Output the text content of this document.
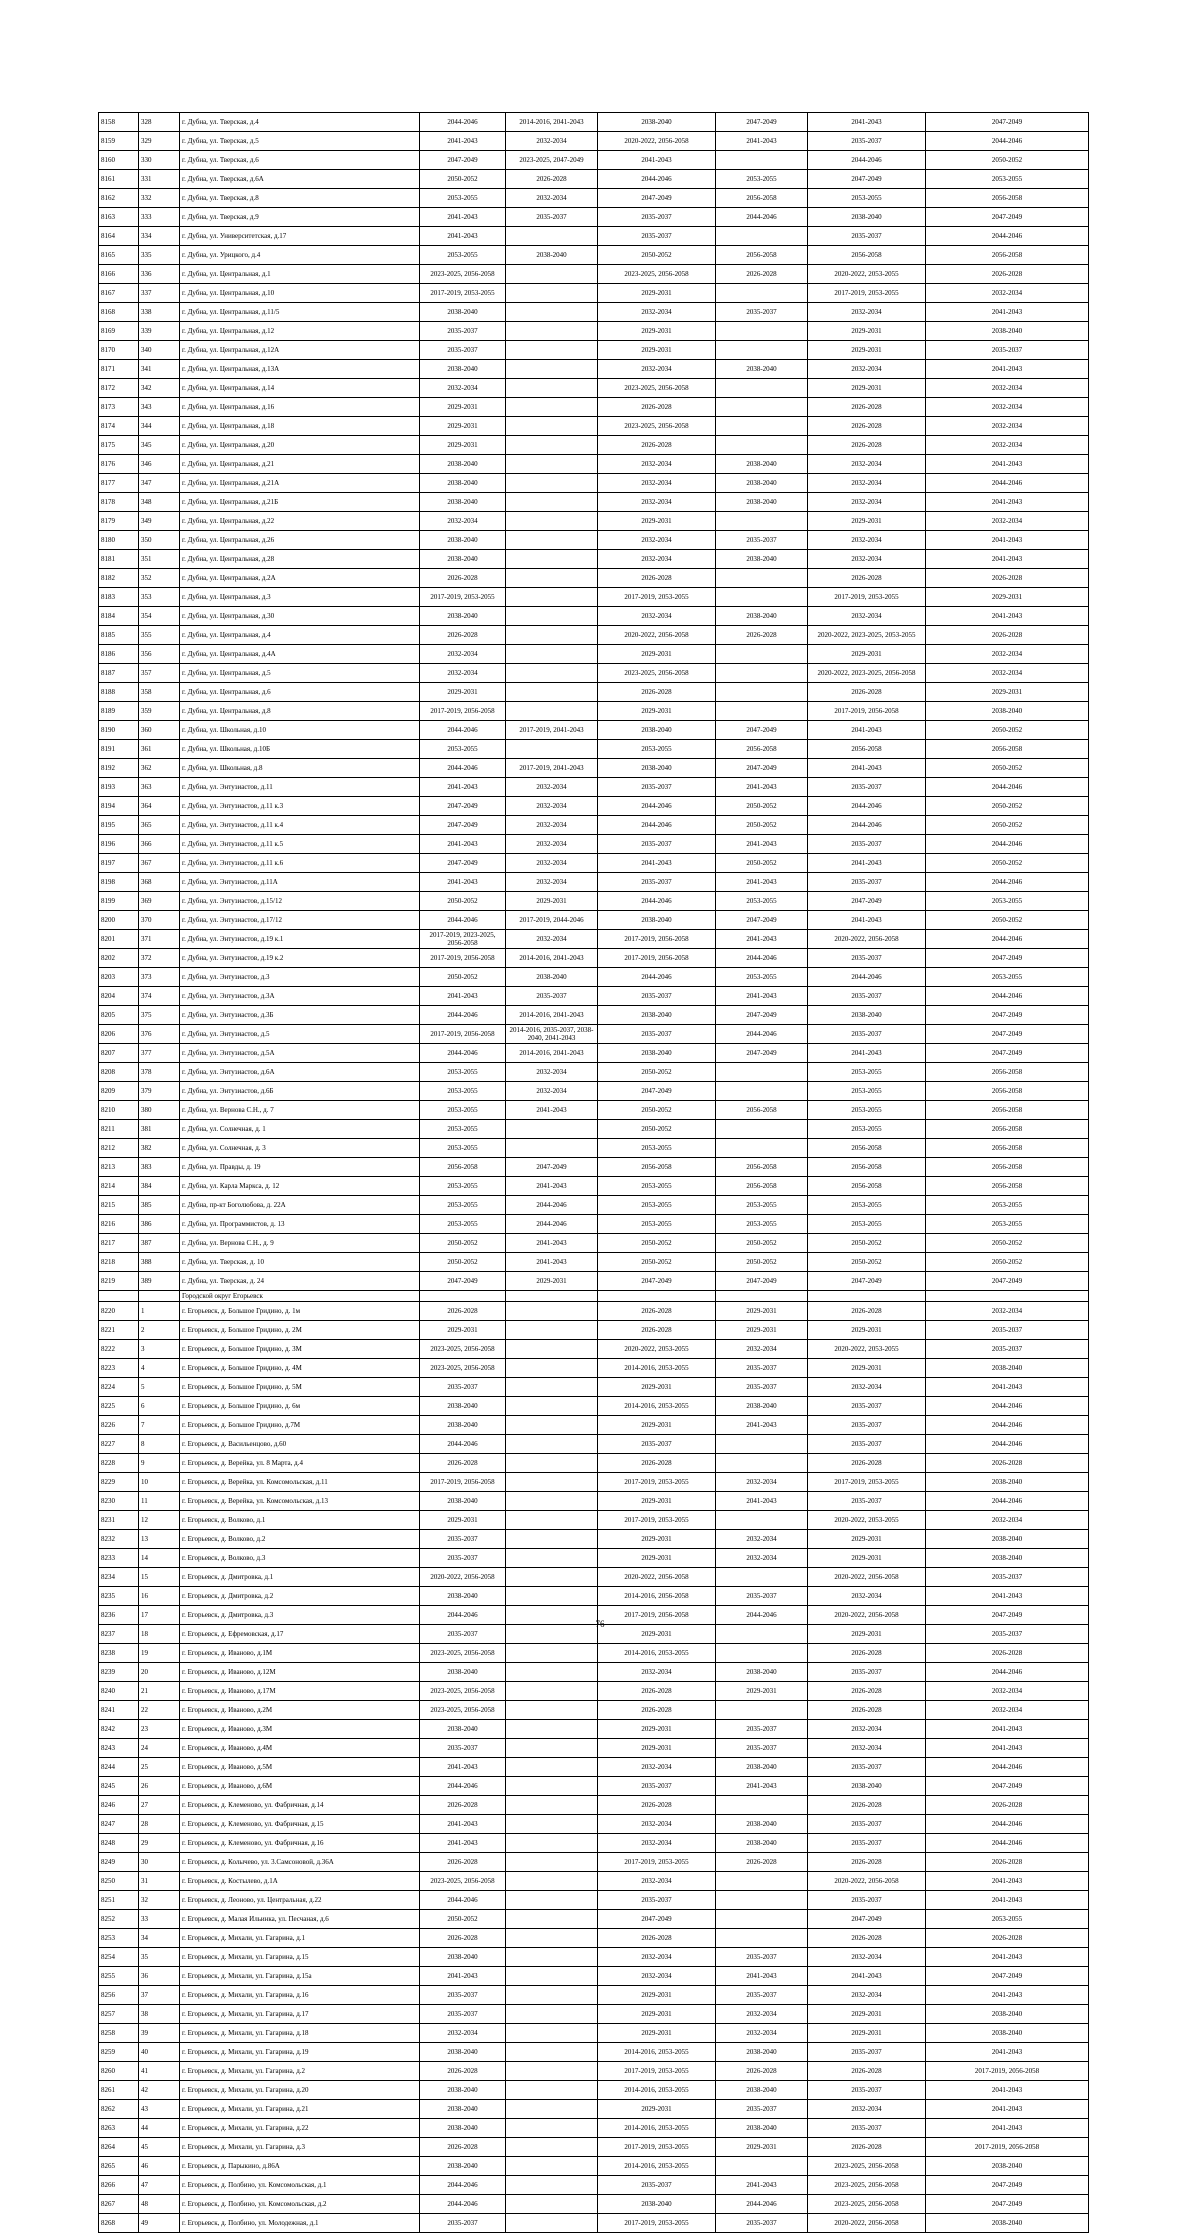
8158	328	г. Дубна, ул. Тверская, д.4	2044-2046	2014-2016, 2041-2043	2038-2040	2047-2049	2041-2043	2047-2049
8159	329	г. Дубна, ул. Тверская, д.5	2041-2043	2032-2034	2020-2022, 2056-2058	2041-2043	2035-2037	2044-2046
8160	330	г. Дубна, ул. Тверская, д.6	2047-2049	2023-2025, 2047-2049	2041-2043		2044-2046	2050-2052
8161	331	г. Дубна, ул. Тверская, д.6А	2050-2052	2026-2028	2044-2046	2053-2055	2047-2049	2053-2055
8162	332	г. Дубна, ул. Тверская, д.8	2053-2055	2032-2034	2047-2049	2056-2058	2053-2055	2056-2058
8163	333	г. Дубна, ул. Тверская, д.9	2041-2043	2035-2037	2035-2037	2044-2046	2038-2040	2047-2049
8164	334	г. Дубна, ул. Университетская, д.17	2041-2043		2035-2037		2035-2037	2044-2046
8165	335	г. Дубна, ул. Урицкого, д.4	2053-2055	2038-2040	2050-2052	2056-2058	2056-2058	2056-2058
8166	336	г. Дубна, ул. Центральная, д.1	2023-2025, 2056-2058		2023-2025, 2056-2058	2026-2028	2020-2022, 2053-2055	2026-2028
8167	337	г. Дубна, ул. Центральная, д.10	2017-2019, 2053-2055		2029-2031		2017-2019, 2053-2055	2032-2034
8168	338	г. Дубна, ул. Центральная, д.11/5	2038-2040		2032-2034	2035-2037	2032-2034	2041-2043
8169	339	г. Дубна, ул. Центральная, д.12	2035-2037		2029-2031		2029-2031	2038-2040
8170	340	г. Дубна, ул. Центральная, д.12А	2035-2037		2029-2031		2029-2031	2035-2037
8171	341	г. Дубна, ул. Центральная, д.13А	2038-2040		2032-2034	2038-2040	2032-2034	2041-2043
8172	342	г. Дубна, ул. Центральная, д.14	2032-2034		2023-2025, 2056-2058		2029-2031	2032-2034
8173	343	г. Дубна, ул. Центральная, д.16	2029-2031		2026-2028		2026-2028	2032-2034
8174	344	г. Дубна, ул. Центральная, д.18	2029-2031		2023-2025, 2056-2058		2026-2028	2032-2034
8175	345	г. Дубна, ул. Центральная, д.20	2029-2031		2026-2028		2026-2028	2032-2034
8176	346	г. Дубна, ул. Центральная, д.21	2038-2040		2032-2034	2038-2040	2032-2034	2041-2043
8177	347	г. Дубна, ул. Центральная, д.21А	2038-2040		2032-2034	2038-2040	2032-2034	2044-2046
8178	348	г. Дубна, ул. Центральная, д.21Б	2038-2040		2032-2034	2038-2040	2032-2034	2041-2043
8179	349	г. Дубна, ул. Центральная, д.22	2032-2034		2029-2031		2029-2031	2032-2034
8180	350	г. Дубна, ул. Центральная, д.26	2038-2040		2032-2034	2035-2037	2032-2034	2041-2043
8181	351	г. Дубна, ул. Центральная, д.28	2038-2040		2032-2034	2038-2040	2032-2034	2041-2043
8182	352	г. Дубна, ул. Центральная, д.2А	2026-2028		2026-2028		2026-2028	2026-2028
8183	353	г. Дубна, ул. Центральная, д.3	2017-2019, 2053-2055		2017-2019, 2053-2055		2017-2019, 2053-2055	2029-2031
8184	354	г. Дубна, ул. Центральная, д.30	2038-2040		2032-2034	2038-2040	2032-2034	2041-2043
8185	355	г. Дубна, ул. Центральная, д.4	2026-2028		2020-2022, 2056-2058	2026-2028	2020-2022, 2023-2025, 2053-2055	2026-2028
8186	356	г. Дубна, ул. Центральная, д.4А	2032-2034		2029-2031		2029-2031	2032-2034
8187	357	г. Дубна, ул. Центральная, д.5	2032-2034		2023-2025, 2056-2058		2020-2022, 2023-2025, 2056-2058	2032-2034
8188	358	г. Дубна, ул. Центральная, д.6	2029-2031		2026-2028		2026-2028	2029-2031
8189	359	г. Дубна, ул. Центральная, д.8	2017-2019, 2056-2058		2029-2031		2017-2019, 2056-2058	2038-2040
8190	360	г. Дубна, ул. Школьная, д.10	2044-2046	2017-2019, 2041-2043	2038-2040	2047-2049	2041-2043	2050-2052
8191	361	г. Дубна, ул. Школьная, д.10Б	2053-2055		2053-2055	2056-2058	2056-2058	2056-2058
8192	362	г. Дубна, ул. Школьная, д.8	2044-2046	2017-2019, 2041-2043	2038-2040	2047-2049	2041-2043	2050-2052
8193	363	г. Дубна, ул. Энтузиастов, д.11	2041-2043	2032-2034	2035-2037	2041-2043	2035-2037	2044-2046
8194	364	г. Дубна, ул. Энтузиастов, д.11 к.3	2047-2049	2032-2034	2044-2046	2050-2052	2044-2046	2050-2052
8195	365	г. Дубна, ул. Энтузиастов, д.11 к.4	2047-2049	2032-2034	2044-2046	2050-2052	2044-2046	2050-2052
8196	366	г. Дубна, ул. Энтузиастов, д.11 к.5	2041-2043	2032-2034	2035-2037	2041-2043	2035-2037	2044-2046
8197	367	г. Дубна, ул. Энтузиастов, д.11 к.6	2047-2049	2032-2034	2041-2043	2050-2052	2041-2043	2050-2052
8198	368	г. Дубна, ул. Энтузиастов, д.11А	2041-2043	2032-2034	2035-2037	2041-2043	2035-2037	2044-2046
8199	369	г. Дубна, ул. Энтузиастов, д.15/12	2050-2052	2029-2031	2044-2046	2053-2055	2047-2049	2053-2055
8200	370	г. Дубна, ул. Энтузиастов, д.17/12	2044-2046	2017-2019, 2044-2046	2038-2040	2047-2049	2041-2043	2050-2052
8201	371	г. Дубна, ул. Энтузиастов, д.19 к.1	2017-2019, 2023-2025, 2056-2058	2032-2034	2017-2019, 2056-2058	2041-2043	2020-2022, 2056-2058	2044-2046
8202	372	г. Дубна, ул. Энтузиастов, д.19 к.2	2017-2019, 2056-2058	2014-2016, 2041-2043	2017-2019, 2056-2058	2044-2046	2035-2037	2047-2049
8203	373	г. Дубна, ул. Энтузиастов, д.3	2050-2052	2038-2040	2044-2046	2053-2055	2044-2046	2053-2055
8204	374	г. Дубна, ул. Энтузиастов, д.3А	2041-2043	2035-2037	2035-2037	2041-2043	2035-2037	2044-2046
8205	375	г. Дубна, ул. Энтузиастов, д.3Б	2044-2046	2014-2016, 2041-2043	2038-2040	2047-2049	2038-2040	2047-2049
8206	376	г. Дубна, ул. Энтузиастов, д.5	2017-2019, 2056-2058	2014-2016, 2035-2037, 2038-2040, 2041-2043	2035-2037	2044-2046	2035-2037	2047-2049
8207	377	г. Дубна, ул. Энтузиастов, д.5А	2044-2046	2014-2016, 2041-2043	2038-2040	2047-2049	2041-2043	2047-2049
8208	378	г. Дубна, ул. Энтузиастов, д.6А	2053-2055	2032-2034	2050-2052		2053-2055	2056-2058
8209	379	г. Дубна, ул. Энтузиастов, д.6Б	2053-2055	2032-2034	2047-2049		2053-2055	2056-2058
8210	380	г. Дубна, ул. Вернова С.Н., д. 7	2053-2055	2041-2043	2050-2052	2056-2058	2053-2055	2056-2058
8211	381	г. Дубна, ул. Солнечная, д. 1	2053-2055		2050-2052		2053-2055	2056-2058
8212	382	г. Дубна, ул. Солнечная, д. 3	2053-2055		2053-2055		2056-2058	2056-2058
8213	383	г. Дубна, ул. Правды, д. 19	2056-2058	2047-2049	2056-2058	2056-2058	2056-2058	2056-2058
8214	384	г. Дубна, ул. Карла Маркса, д. 12	2053-2055	2041-2043	2053-2055	2056-2058	2056-2058	2056-2058
8215	385	г. Дубна, пр-кт Боголюбова, д. 22А	2053-2055	2044-2046	2053-2055	2053-2055	2053-2055	2053-2055
8216	386	г. Дубна, ул. Программистов, д. 13	2053-2055	2044-2046	2053-2055	2053-2055	2053-2055	2053-2055
8217	387	г. Дубна, ул. Вернова С.Н., д. 9	2050-2052	2041-2043	2050-2052	2050-2052	2050-2052	2050-2052
8218	388	г. Дубна, ул. Тверская, д. 10	2050-2052	2041-2043	2050-2052	2050-2052	2050-2052	2050-2052
8219	389	г. Дубна, ул. Тверская, д. 24	2047-2049	2029-2031	2047-2049	2047-2049	2047-2049	2047-2049
		Городской округ Егорьевск						
8220	1	г. Егорьевск, д. Большое Гридино, д. 1м	2026-2028		2026-2028	2029-2031	2026-2028	2032-2034
8221	2	г. Егорьевск, д. Большое Гридино, д. 2М	2029-2031		2026-2028	2029-2031	2029-2031	2035-2037
8222	3	г. Егорьевск, д. Большое Гридино, д. 3М	2023-2025, 2056-2058		2020-2022, 2053-2055	2032-2034	2020-2022, 2053-2055	2035-2037
8223	4	г. Егорьевск, д. Большое Гридино, д. 4М	2023-2025, 2056-2058		2014-2016, 2053-2055	2035-2037	2029-2031	2038-2040
8224	5	г. Егорьевск, д. Большое Гридино, д. 5М	2035-2037		2029-2031	2035-2037	2032-2034	2041-2043
8225	6	г. Егорьевск, д. Большое Гридино, д. 6м	2038-2040		2014-2016, 2053-2055	2038-2040	2035-2037	2044-2046
8226	7	г. Егорьевск, д. Большое Гридино, д.7М	2038-2040		2029-2031	2041-2043	2035-2037	2044-2046
8227	8	г. Егорьевск, д. Васильенцово, д.60	2044-2046		2035-2037		2035-2037	2044-2046
8228	9	г. Егорьевск, д. Верейка, ул. 8 Марта, д.4	2026-2028		2026-2028		2026-2028	2026-2028
8229	10	г. Егорьевск, д. Верейка, ул. Комсомольская, д.11	2017-2019, 2056-2058		2017-2019, 2053-2055	2032-2034	2017-2019, 2053-2055	2038-2040
8230	11	г. Егорьевск, д. Верейка, ул. Комсомольская, д.13	2038-2040		2029-2031	2041-2043	2035-2037	2044-2046
8231	12	г. Егорьевск, д. Волково, д.1	2029-2031		2017-2019, 2053-2055		2020-2022, 2053-2055	2032-2034
8232	13	г. Егорьевск, д. Волково, д.2	2035-2037		2029-2031	2032-2034	2029-2031	2038-2040
8233	14	г. Егорьевск, д. Волково, д.3	2035-2037		2029-2031	2032-2034	2029-2031	2038-2040
8234	15	г. Егорьевск, д. Дмитровка, д.1	2020-2022, 2056-2058		2020-2022, 2056-2058		2020-2022, 2056-2058	2035-2037
8235	16	г. Егорьевск, д. Дмитровка, д.2	2038-2040		2014-2016, 2056-2058	2035-2037	2032-2034	2041-2043
8236	17	г. Егорьевск, д. Дмитровка, д.3	2044-2046		2017-2019, 2056-2058	2044-2046	2020-2022, 2056-2058	2047-2049
8237	18	г. Егорьевск, д. Ефремовская, д.17	2035-2037		2029-2031		2029-2031	2035-2037
8238	19	г. Егорьевск, д. Иваново, д.1М	2023-2025, 2056-2058		2014-2016, 2053-2055		2026-2028	2026-2028
8239	20	г. Егорьевск, д. Иваново, д.12М	2038-2040		2032-2034	2038-2040	2035-2037	2044-2046
8240	21	г. Егорьевск, д. Иваново, д.17М	2023-2025, 2056-2058		2026-2028	2029-2031	2026-2028	2032-2034
8241	22	г. Егорьевск, д. Иваново, д.2М	2023-2025, 2056-2058		2026-2028		2026-2028	2032-2034
8242	23	г. Егорьевск, д. Иваново, д.3М	2038-2040		2029-2031	2035-2037	2032-2034	2041-2043
8243	24	г. Егорьевск, д. Иваново, д.4М	2035-2037		2029-2031	2035-2037	2032-2034	2041-2043
8244	25	г. Егорьевск, д. Иваново, д.5М	2041-2043		2032-2034	2038-2040	2035-2037	2044-2046
8245	26	г. Егорьевск, д. Иваново, д.6М	2044-2046		2035-2037	2041-2043	2038-2040	2047-2049
8246	27	г. Егорьевск, д. Клеменово, ул. Фабричная, д.14	2026-2028		2026-2028		2026-2028	2026-2028
8247	28	г. Егорьевск, д. Клеменово, ул. Фабричная, д.15	2041-2043		2032-2034	2038-2040	2035-2037	2044-2046
8248	29	г. Егорьевск, д. Клеменово, ул. Фабричная, д.16	2041-2043		2032-2034	2038-2040	2035-2037	2044-2046
8249	30	г. Егорьевск, д. Колычево, ул. 3.Самсоновой, д.36А	2026-2028		2017-2019, 2053-2055	2026-2028	2026-2028	2026-2028
8250	31	г. Егорьевск, д. Костылево, д.1А	2023-2025, 2056-2058		2032-2034		2020-2022, 2056-2058	2041-2043
8251	32	г. Егорьевск, д. Леоново, ул. Центральная, д.22	2044-2046		2035-2037		2035-2037	2041-2043
8252	33	г. Егорьевск, д. Малая Ильинка, ул. Песчаная, д.6	2050-2052		2047-2049		2047-2049	2053-2055
8253	34	г. Егорьевск, д. Михали, ул. Гагарина, д.1	2026-2028		2026-2028		2026-2028	2026-2028
8254	35	г. Егорьевск, д. Михали, ул. Гагарина, д.15	2038-2040		2032-2034	2035-2037	2032-2034	2041-2043
8255	36	г. Егорьевск, д. Михали, ул. Гагарина, д.15а	2041-2043		2032-2034	2041-2043	2041-2043	2047-2049
8256	37	г. Егорьевск, д. Михали, ул. Гагарина, д.16	2035-2037		2029-2031	2035-2037	2032-2034	2041-2043
8257	38	г. Егорьевск, д. Михали, ул. Гагарина, д.17	2035-2037		2029-2031	2032-2034	2029-2031	2038-2040
8258	39	г. Егорьевск, д. Михали, ул. Гагарина, д.18	2032-2034		2029-2031	2032-2034	2029-2031	2038-2040
8259	40	г. Егорьевск, д. Михали, ул. Гагарина, д.19	2038-2040		2014-2016, 2053-2055	2038-2040	2035-2037	2041-2043
8260	41	г. Егорьевск, д. Михали, ул. Гагарина, д.2	2026-2028		2017-2019, 2053-2055	2026-2028	2026-2028	2017-2019, 2056-2058
8261	42	г. Егорьевск, д. Михали, ул. Гагарина, д.20	2038-2040		2014-2016, 2053-2055	2038-2040	2035-2037	2041-2043
8262	43	г. Егорьевск, д. Михали, ул. Гагарина, д.21	2038-2040		2029-2031	2035-2037	2032-2034	2041-2043
8263	44	г. Егорьевск, д. Михали, ул. Гагарина, д.22	2038-2040		2014-2016, 2053-2055	2038-2040	2035-2037	2041-2043
8264	45	г. Егорьевск, д. Михали, ул. Гагарина, д.3	2026-2028		2017-2019, 2053-2055	2029-2031	2026-2028	2017-2019, 2056-2058
8265	46	г. Егорьевск, д. Парыкино, д.86А	2038-2040		2014-2016, 2053-2055		2023-2025, 2056-2058	2038-2040
8266	47	г. Егорьевск, д. Полбино, ул. Комсомольская, д.1	2044-2046		2035-2037	2041-2043	2023-2025, 2056-2058	2047-2049
8267	48	г. Егорьевск, д. Полбино, ул. Комсомольская, д.2	2044-2046		2038-2040	2044-2046	2023-2025, 2056-2058	2047-2049
8268	49	г. Егорьевск, д. Полбино, ул. Молодежная, д.1	2035-2037		2017-2019, 2053-2055	2035-2037	2020-2022, 2056-2058	2038-2040
76
